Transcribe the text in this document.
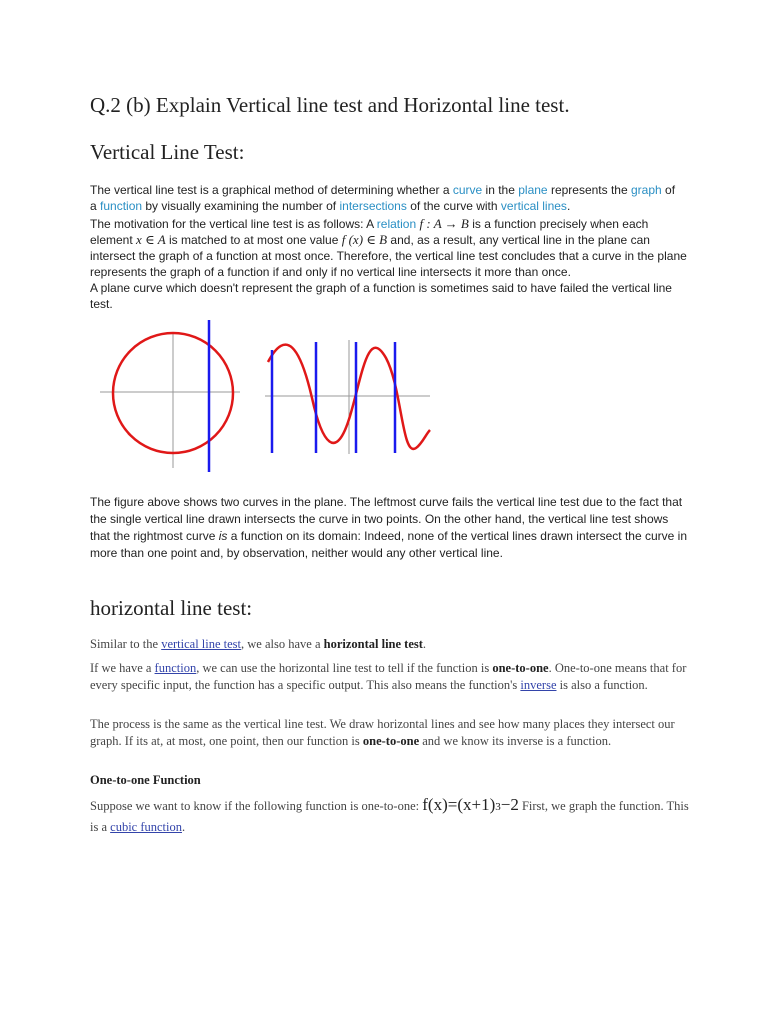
Q.2 (b) Explain Vertical line test and Horizontal line test.
Vertical Line Test:
The vertical line test is a graphical method of determining whether a curve in the plane represents the graph of a function by visually examining the number of intersections of the curve with vertical lines.
The motivation for the vertical line test is as follows: A relation f : A → B is a function precisely when each element x ∈ A is matched to at most one value f (x) ∈ B and, as a result, any vertical line in the plane can intersect the graph of a function at most once. Therefore, the vertical line test concludes that a curve in the plane represents the graph of a function if and only if no vertical line intersects it more than once.
A plane curve which doesn't represent the graph of a function is sometimes said to have failed the vertical line test.
The figure above shows two curves in the plane. The leftmost curve fails the vertical line test due to the fact that the single vertical line drawn intersects the curve in two points. On the other hand, the vertical line test shows that the rightmost curve is a function on its domain: Indeed, none of the vertical lines drawn intersect the curve in more than one point and, by observation, neither would any other vertical line.
horizontal line test:
Similar to the vertical line test, we also have a horizontal line test.
If we have a function, we can use the horizontal line test to tell if the function is one-to-one. One-to-one means that for every specific input, the function has a specific output. This also means the function's inverse is also a function.
The process is the same as the vertical line test. We draw horizontal lines and see how many places they intersect our graph. If its at, at most, one point, then our function is one-to-one and we know its inverse is a function.
One-to-one Function
Suppose we want to know if the following function is one-to-one: f(x)=(x+1)3−2 First, we graph the function. This is a cubic function.
